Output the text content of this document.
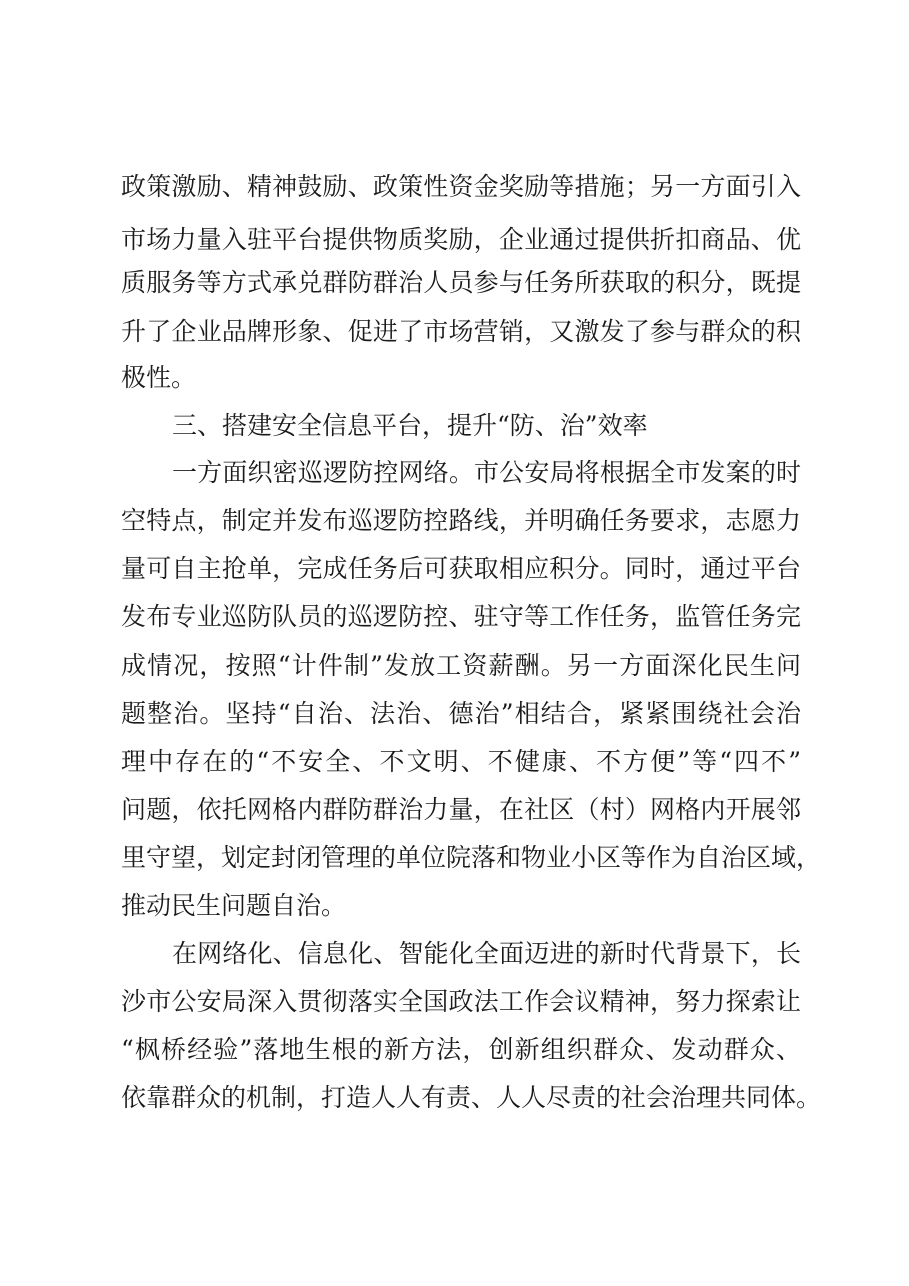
政策激励、精神鼓励、政策性资金奖励等措施；另一方面引入
市场力量入驻平台提供物质奖励，企业通过提供折扣商品、优
质服务等方式承兑群防群治人员参与任务所获取的积分，既提
升了企业品牌形象、促进了市场营销，又激发了参与群众的积
极性。
三、搭建安全信息平台，提升“防、治”效率
一方面织密巡逻防控网络。市公安局将根据全市发案的时
空特点，制定并发布巡逻防控路线，并明确任务要求，志愿力
量可自主抢单，完成任务后可获取相应积分。同时，通过平台
发布专业巡防队员的巡逻防控、驻守等工作任务，监管任务完
成情况，按照“计件制”发放工资薪酬。另一方面深化民生问
题整治。坚持“自治、法治、德治”相结合，紧紧围绕社会治
理中存在的“不安全、不文明、不健康、不方便”等“四不”
问题，依托网格内群防群治力量，在社区（村）网格内开展邻
里守望，划定封闭管理的单位院落和物业小区等作为自治区域，
推动民生问题自治。
在网络化、信息化、智能化全面迈进的新时代背景下，长
沙市公安局深入贯彻落实全国政法工作会议精神，努力探索让
“枫桥经验”落地生根的新方法，创新组织群众、发动群众、
依靠群众的机制，打造人人有责、人人尽责的社会治理共同体。
